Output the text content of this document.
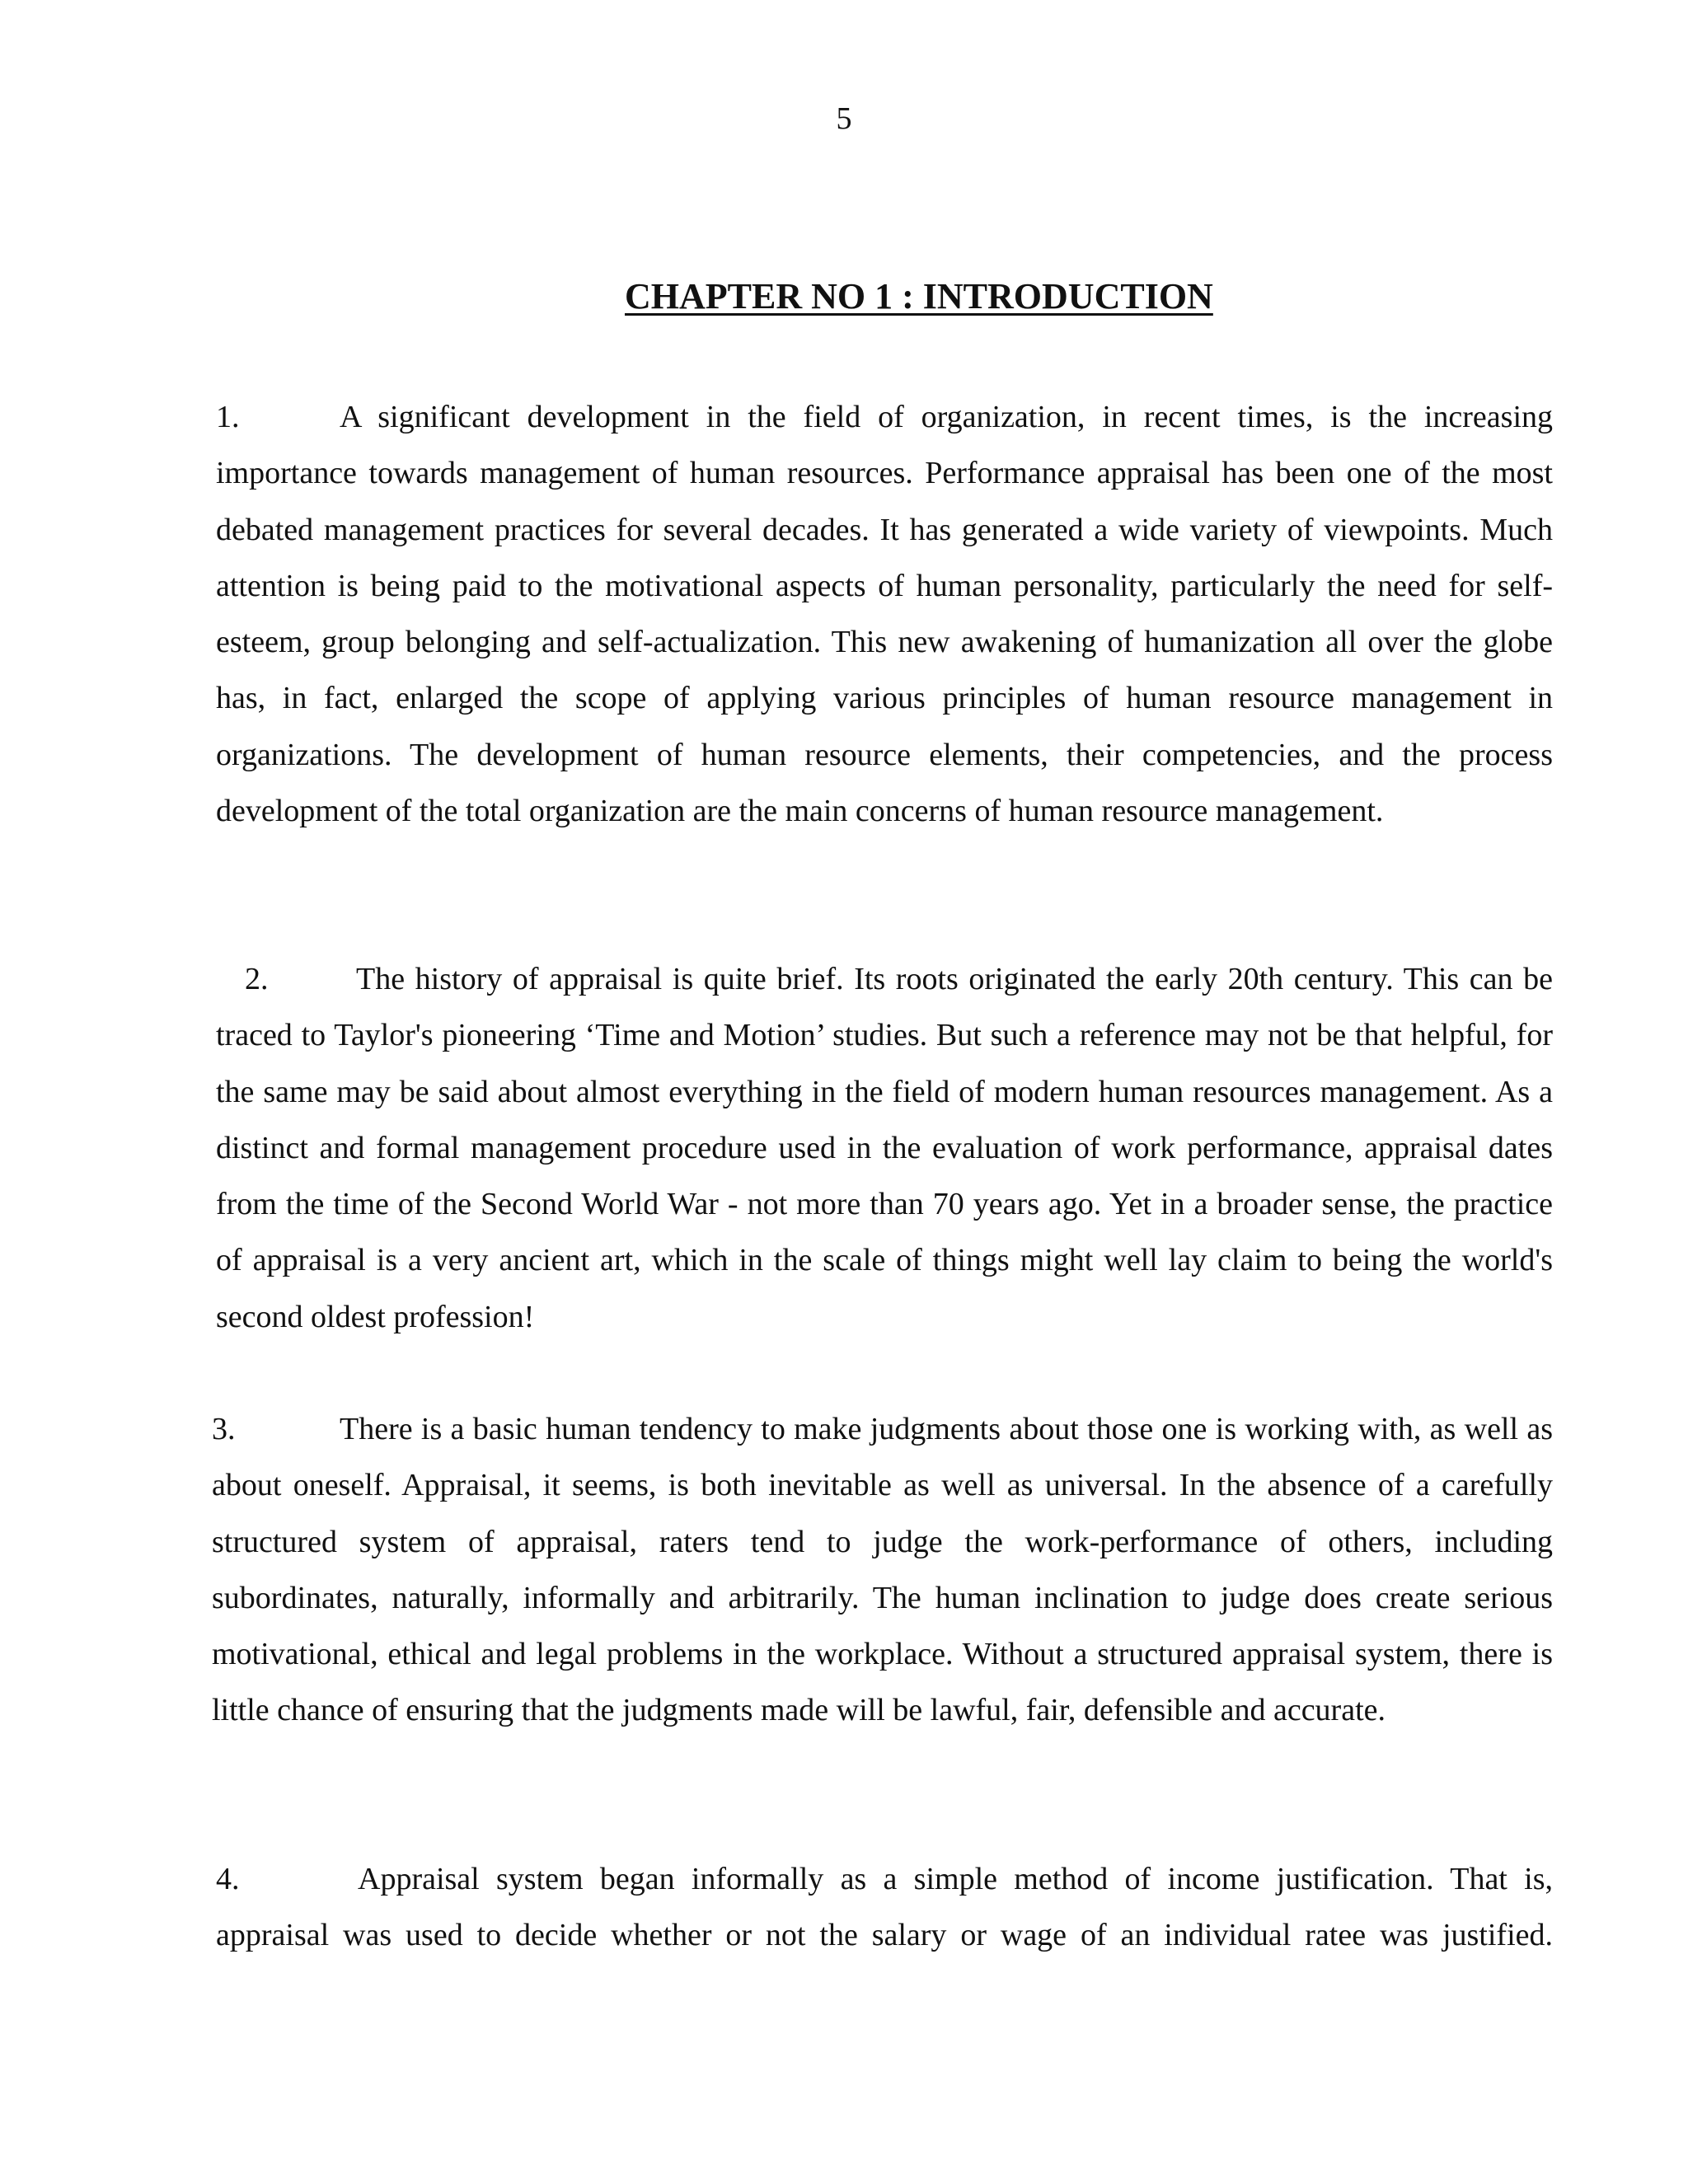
5
CHAPTER NO 1 : INTRODUCTION

1.	A significant development in the field of organization, in recent times, is the increasing importance towards management of human resources. Performance appraisal has been one of the most debated management practices for several decades. It has generated a wide variety of viewpoints. Much attention is being paid to the motivational aspects of human personality, particularly the need for self-esteem, group belonging and self-actualization. This new awakening of humanization all over the globe has, in fact, enlarged the scope of applying various principles of human resource management in organizations. The development of human resource elements, their competencies, and the process development of the total organization are the main concerns of human resource management.

2.	The history of appraisal is quite brief. Its roots originated the early 20th century. This can be traced to Taylor's pioneering ‘Time and Motion’ studies. But such a reference may not be that helpful, for the same may be said about almost everything in the field of modern human resources management. As a distinct and formal management procedure used in the evaluation of work performance, appraisal dates from the time of the Second World War - not more than 70 years ago. Yet in a broader sense, the practice of appraisal is a very ancient art, which in the scale of things might well lay claim to being the world's second oldest profession!

3.	There is a basic human tendency to make judgments about those one is working with, as well as about oneself. Appraisal, it seems, is both inevitable as well as universal. In the absence of a carefully structured system of appraisal, raters tend to judge the work-performance of others, including subordinates, naturally, informally and arbitrarily. The human inclination to judge does create serious motivational, ethical and legal problems in the workplace. Without a structured appraisal system, there is little chance of ensuring that the judgments made will be lawful, fair, defensible and accurate.

4.	Appraisal system began informally as a simple method of income justification. That is, appraisal was used to decide whether or not the salary or wage of an individual ratee was justified.
